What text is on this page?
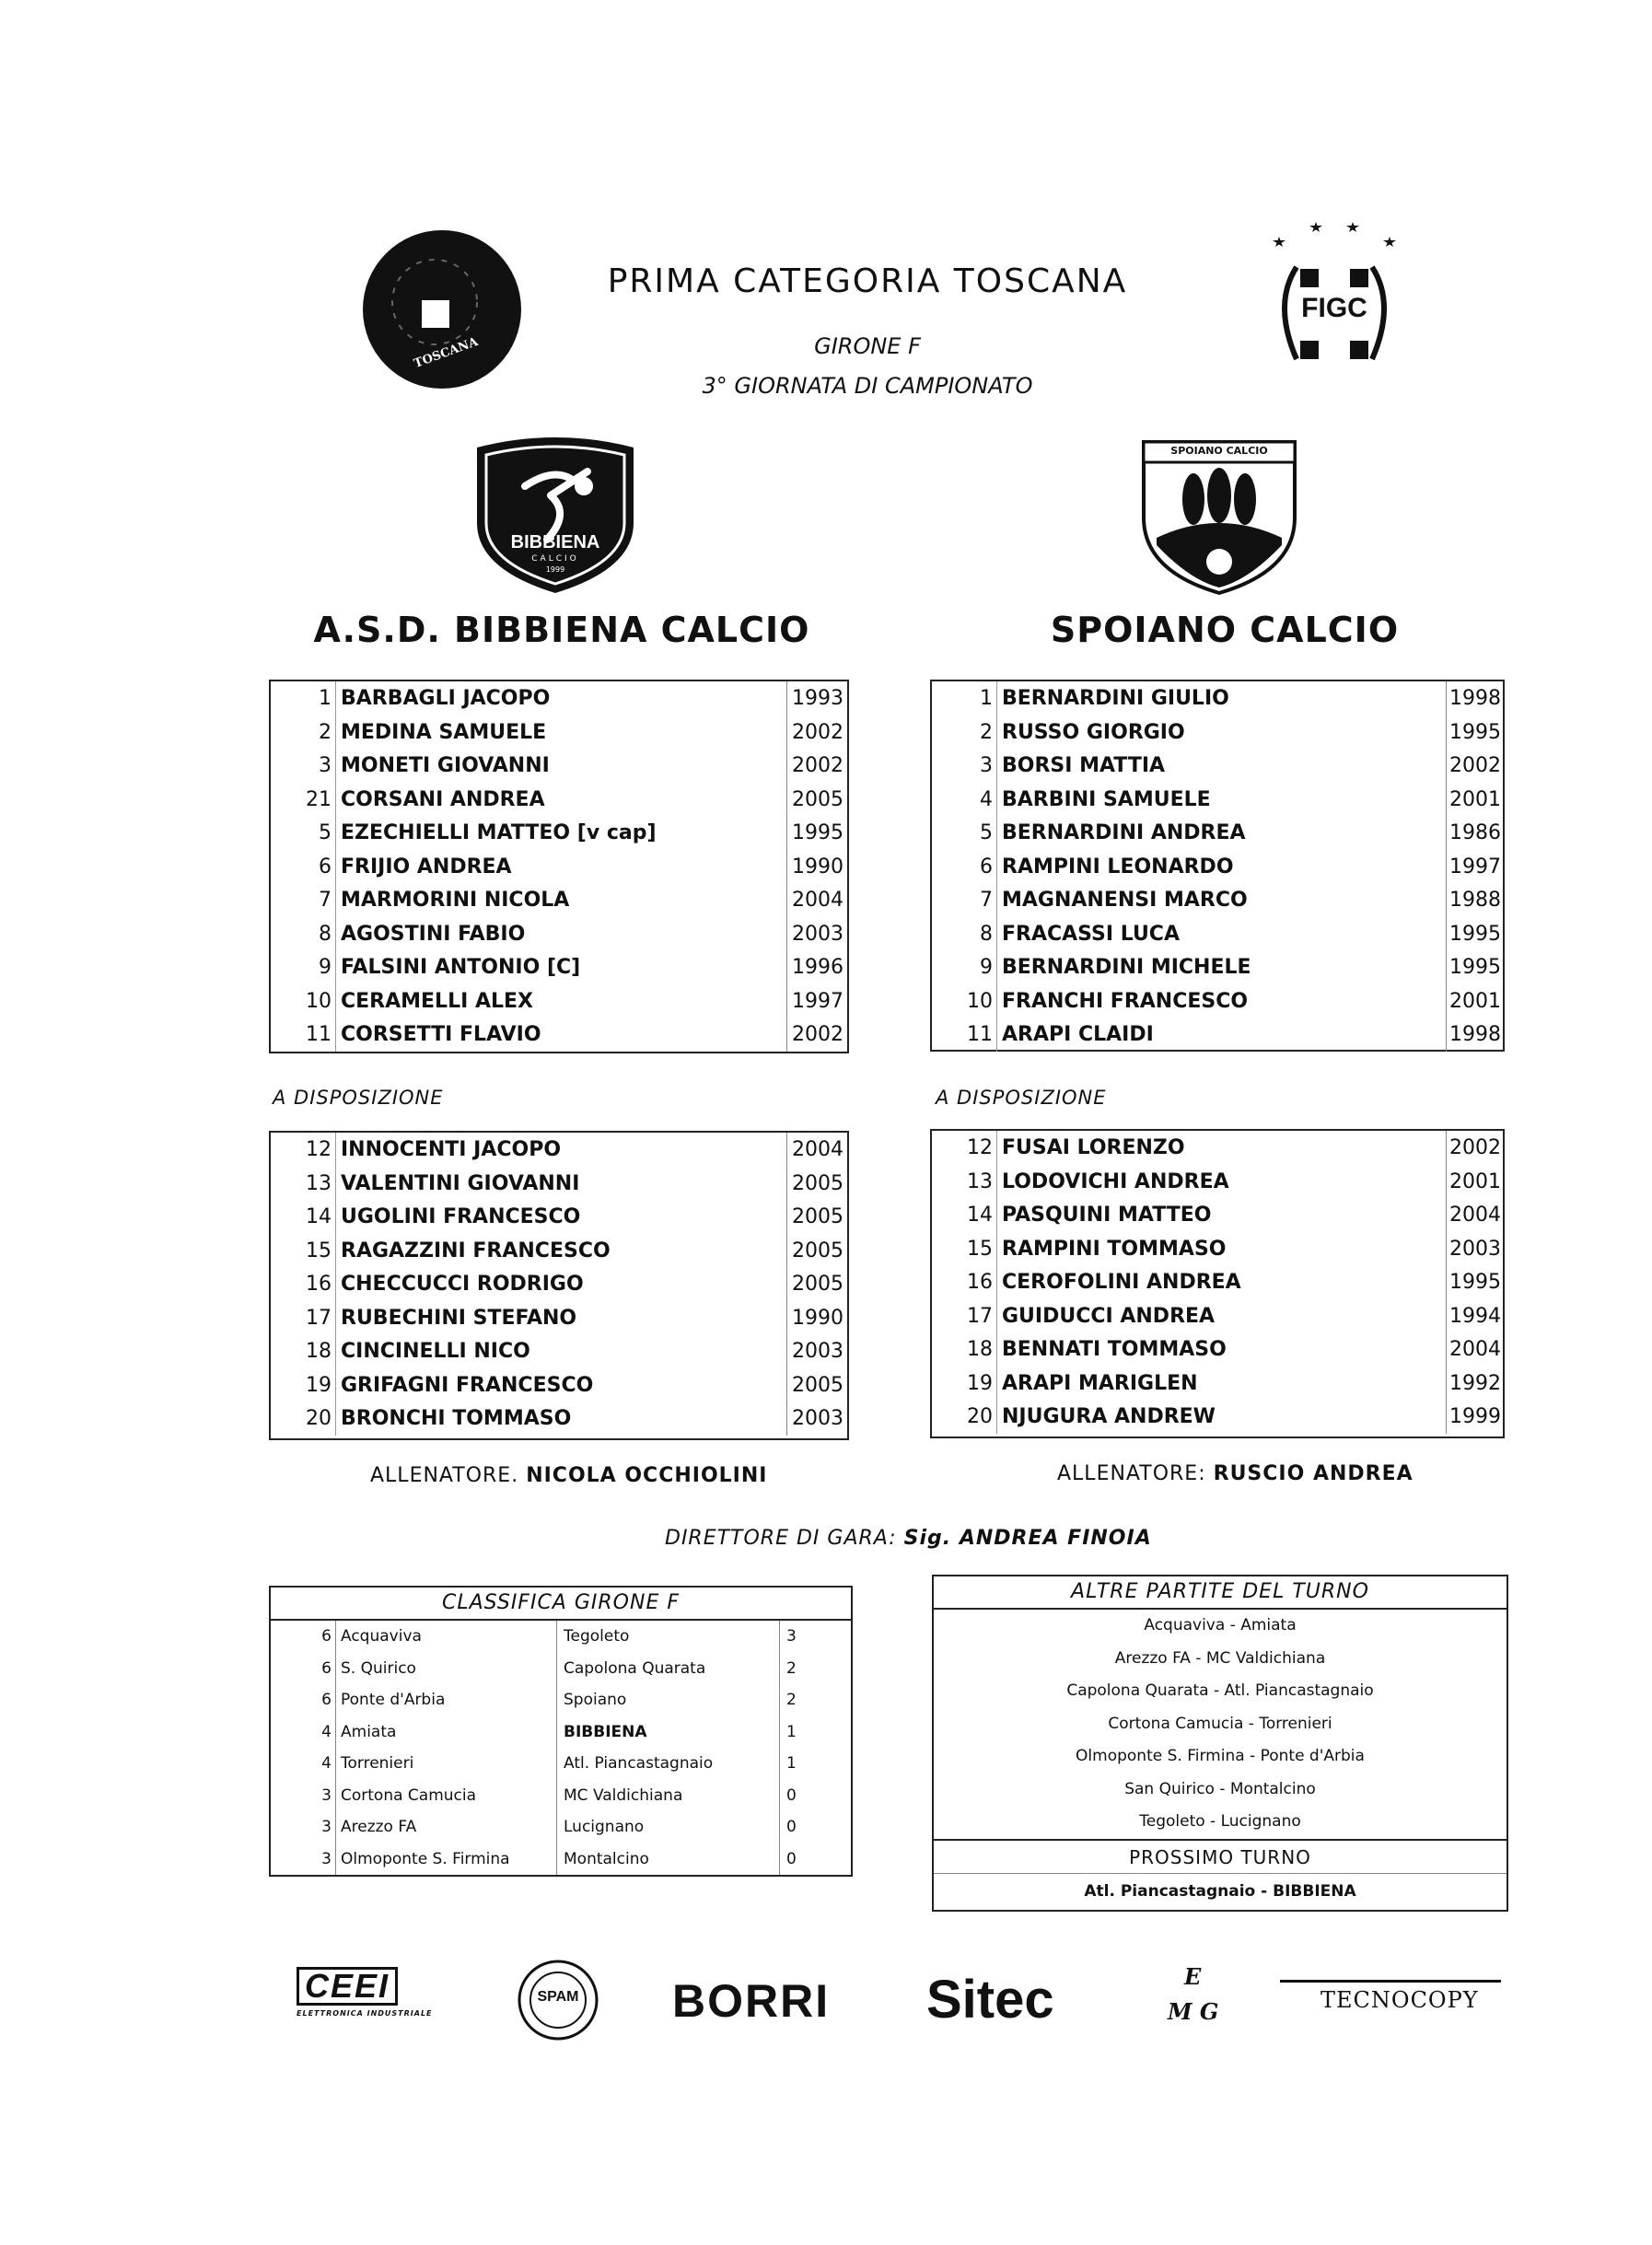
TOSCANA
PRIMA CATEGORIA TOSCANA
GIRONE F
3° GIORNATA DI CAMPIONATO
FIGC
BIBBIENA
CALCIO
1999
SPOIANO CALCIO
A.S.D. BIBBIENA CALCIO	SPOIANO CALCIO
1 BARBAGLI JACOPO	1993
2 MEDINA SAMUELE	2002
3 MONETI GIOVANNI	2002
21 CORSANI ANDREA	2005
5 EZECHIELLI MATTEO [v cap]	1995
6 FRIJIO ANDREA	1990
7 MARMORINI NICOLA	2004
8 AGOSTINI FABIO	2003
9 FALSINI ANTONIO [C]	1996
10 CERAMELLI ALEX	1997
11 CORSETTI FLAVIO	2002
1 BERNARDINI GIULIO	1998
2 RUSSO GIORGIO	1995
3 BORSI MATTIA	2002
4 BARBINI SAMUELE	2001
5 BERNARDINI ANDREA	1986
6 RAMPINI LEONARDO	1997
7 MAGNANENSI MARCO	1988
8 FRACASSI LUCA	1995
9 BERNARDINI MICHELE	1995
10 FRANCHI FRANCESCO	2001
11 ARAPI CLAIDI	1998
A DISPOSIZIONE	A DISPOSIZIONE
12 INNOCENTI JACOPO	2004
13 VALENTINI GIOVANNI	2005
14 UGOLINI FRANCESCO	2005
15 RAGAZZINI FRANCESCO	2005
16 CHECCUCCI RODRIGO	2005
17 RUBECHINI STEFANO	1990
18 CINCINELLI NICO	2003
19 GRIFAGNI FRANCESCO	2005
20 BRONCHI TOMMASO	2003
12 FUSAI LORENZO	2002
13 LODOVICHI ANDREA	2001
14 PASQUINI MATTEO	2004
15 RAMPINI TOMMASO	2003
16 CEROFOLINI ANDREA	1995
17 GUIDUCCI ANDREA	1994
18 BENNATI TOMMASO	2004
19 ARAPI MARIGLEN	1992
20 NJUGURA ANDREW	1999
ALLENATORE. NICOLA OCCHIOLINI	ALLENATORE: RUSCIO ANDREA
DIRETTORE DI GARA: Sig. ANDREA FINOIA
CLASSIFICA GIRONE F
6 Acquaviva	Tegoleto	3
6 S. Quirico	Capolona Quarata	2
6 Ponte d'Arbia	Spoiano	2
4 Amiata	BIBBIENA	1
4 Torrenieri	Atl. Piancastagnaio	1
3 Cortona Camucia	MC Valdichiana	0
3 Arezzo FA	Lucignano	0
3 Olmoponte S. Firmina	Montalcino	0
ALTRE PARTITE DEL TURNO
Acquaviva - Amiata
Arezzo FA - MC Valdichiana
Capolona Quarata - Atl. Piancastagnaio
Cortona Camucia - Torrenieri
Olmoponte S. Firmina - Ponte d'Arbia
San Quirico - Montalcino
Tegoleto - Lucignano
PROSSIMO TURNO
Atl. Piancastagnaio - BIBBIENA
CEEI
ELETTRONICA INDUSTRIALE
SPAM	BORRI Sitec	E
M G	TECNOCOPY
